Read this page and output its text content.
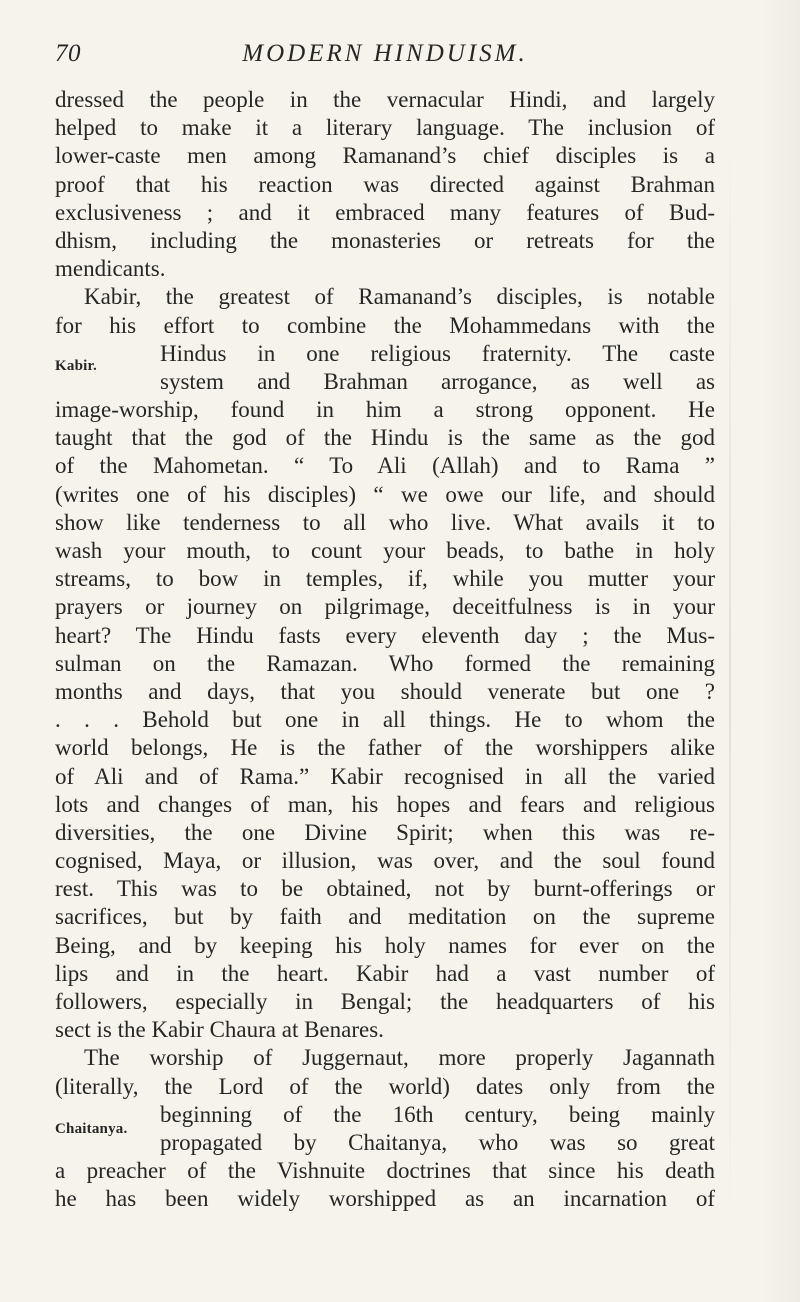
70	MODERN HINDUISM.
dressed the people in the vernacular Hindi, and largely
helped to make it a literary language. The inclusion of
lower-caste men among Ramanand’s chief disciples is a
proof that his reaction was directed against Brahman
exclusiveness ; and it embraced many features of Bud-
dhism, including the monasteries or retreats for the
mendicants.
Kabir, the greatest of Ramanand’s disciples, is notable
for his effort to combine the Mohammedans with the
Kabir.	Hindus in one religious fraternity. The caste
system and Brahman arrogance, as well as
image-worship, found in him a strong opponent. He
taught that the god of the Hindu is the same as the god
of the Mahometan. “ To Ali (Allah) and to Rama ”
(writes one of his disciples) “ we owe our life, and should
show like tenderness to all who live. What avails it to
wash your mouth, to count your beads, to bathe in holy
streams, to bow in temples, if, while you mutter your
prayers or journey on pilgrimage, deceitfulness is in your
heart? The Hindu fasts every eleventh day ; the Mus-
sulman on the Ramazan. Who formed the remaining
months and days, that you should venerate but one ?
. . . Behold but one in all things. He to whom the
world belongs, He is the father of the worshippers alike
of Ali and of Rama.” Kabir recognised in all the varied
lots and changes of man, his hopes and fears and religious
diversities, the one Divine Spirit; when this was re-
cognised, Maya, or illusion, was over, and the soul found
rest. This was to be obtained, not by burnt-offerings or
sacrifices, but by faith and meditation on the supreme
Being, and by keeping his holy names for ever on the
lips and in the heart. Kabir had a vast number of
followers, especially in Bengal; the headquarters of his
sect is the Kabir Chaura at Benares.
The worship of Juggernaut, more properly Jagannath
(literally, the Lord of the world) dates only from the
Chaitanya.
beginning of the 16th century, being mainly
propagated by Chaitanya, who was so great
a preacher of the Vishnuite doctrines that since his death
he has been widely worshipped as an incarnation of
